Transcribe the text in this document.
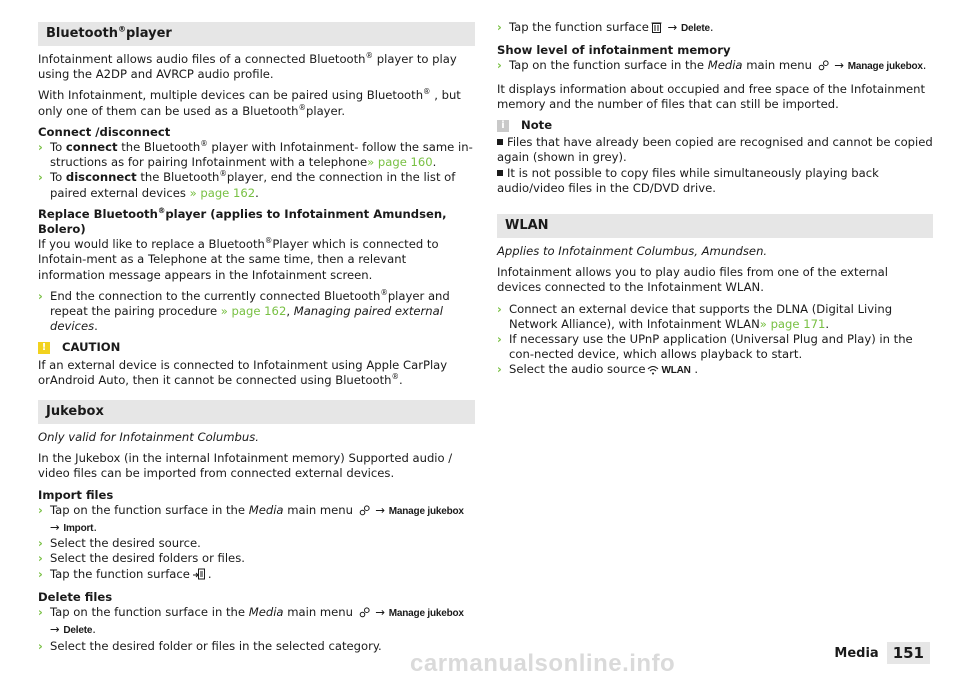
Bluetooth®player

Infotainment allows audio files of a connected Bluetooth® player to play using the A2DP and AVRCP audio profile.

With Infotainment, multiple devices can be paired using Bluetooth® , but only one of them can be used as a Bluetooth®player.

Connect /disconnect
› To connect the Bluetooth® player with Infotainment- follow the same in-structions as for pairing Infotainment with a telephone» page 160.
› To disconnect the Bluetooth®player, end the connection in the list of paired external devices » page 162.
Replace Bluetooth®player (applies to Infotainment Amundsen, Bolero)

If you would like to replace a Bluetooth®Player which is connected to Infotain-ment as a Telephone at the same time, then a relevant information message appears in the Infotainment screen.

› End the connection to the currently connected Bluetooth®player and repeat the pairing procedure » page 162, Managing paired external devices.
!	CAUTION

If an external device is connected to Infotainment using Apple CarPlay orAndroid Auto, then it cannot be connected using Bluetooth®.

Jukebox

Only valid for Infotainment Columbus.

In the Jukebox (in the internal Infotainment memory) Supported audio / video files can be imported from connected external devices.

Import files
› Tap on the function surface in the Media main menu  → Manage jukebox → Import.
› Select the desired source.
› Select the desired folders or files.
› Tap the function surface .
Delete files
› Tap on the function surface in the Media main menu  → Manage jukebox → Delete.
› Select the desired folder or files in the selected category.
› Tap the function surface → Delete.
Show level of infotainment memory
› Tap on the function surface in the Media main menu  → Manage jukebox.

It displays information about occupied and free space of the Infotainment memory and the number of files that can still be imported.

i	Note

Files that have already been copied are recognised and cannot be copied again (shown in grey).

It is not possible to copy files while simultaneously playing back audio/video files in the CD/DVD drive.

WLAN

Applies to Infotainment Columbus, Amundsen.

Infotainment allows you to play audio files from one of the external devices connected to the Infotainment WLAN.

› Connect an external device that supports the DLNA (Digital Living Network Alliance), with Infotainment WLAN» page 171.
› If necessary use the UPnP application (Universal Plug and Play) in the con-nected device, which allows playback to start.
› Select the audio source WLAN .
carmanualsonline.info	Media 151
